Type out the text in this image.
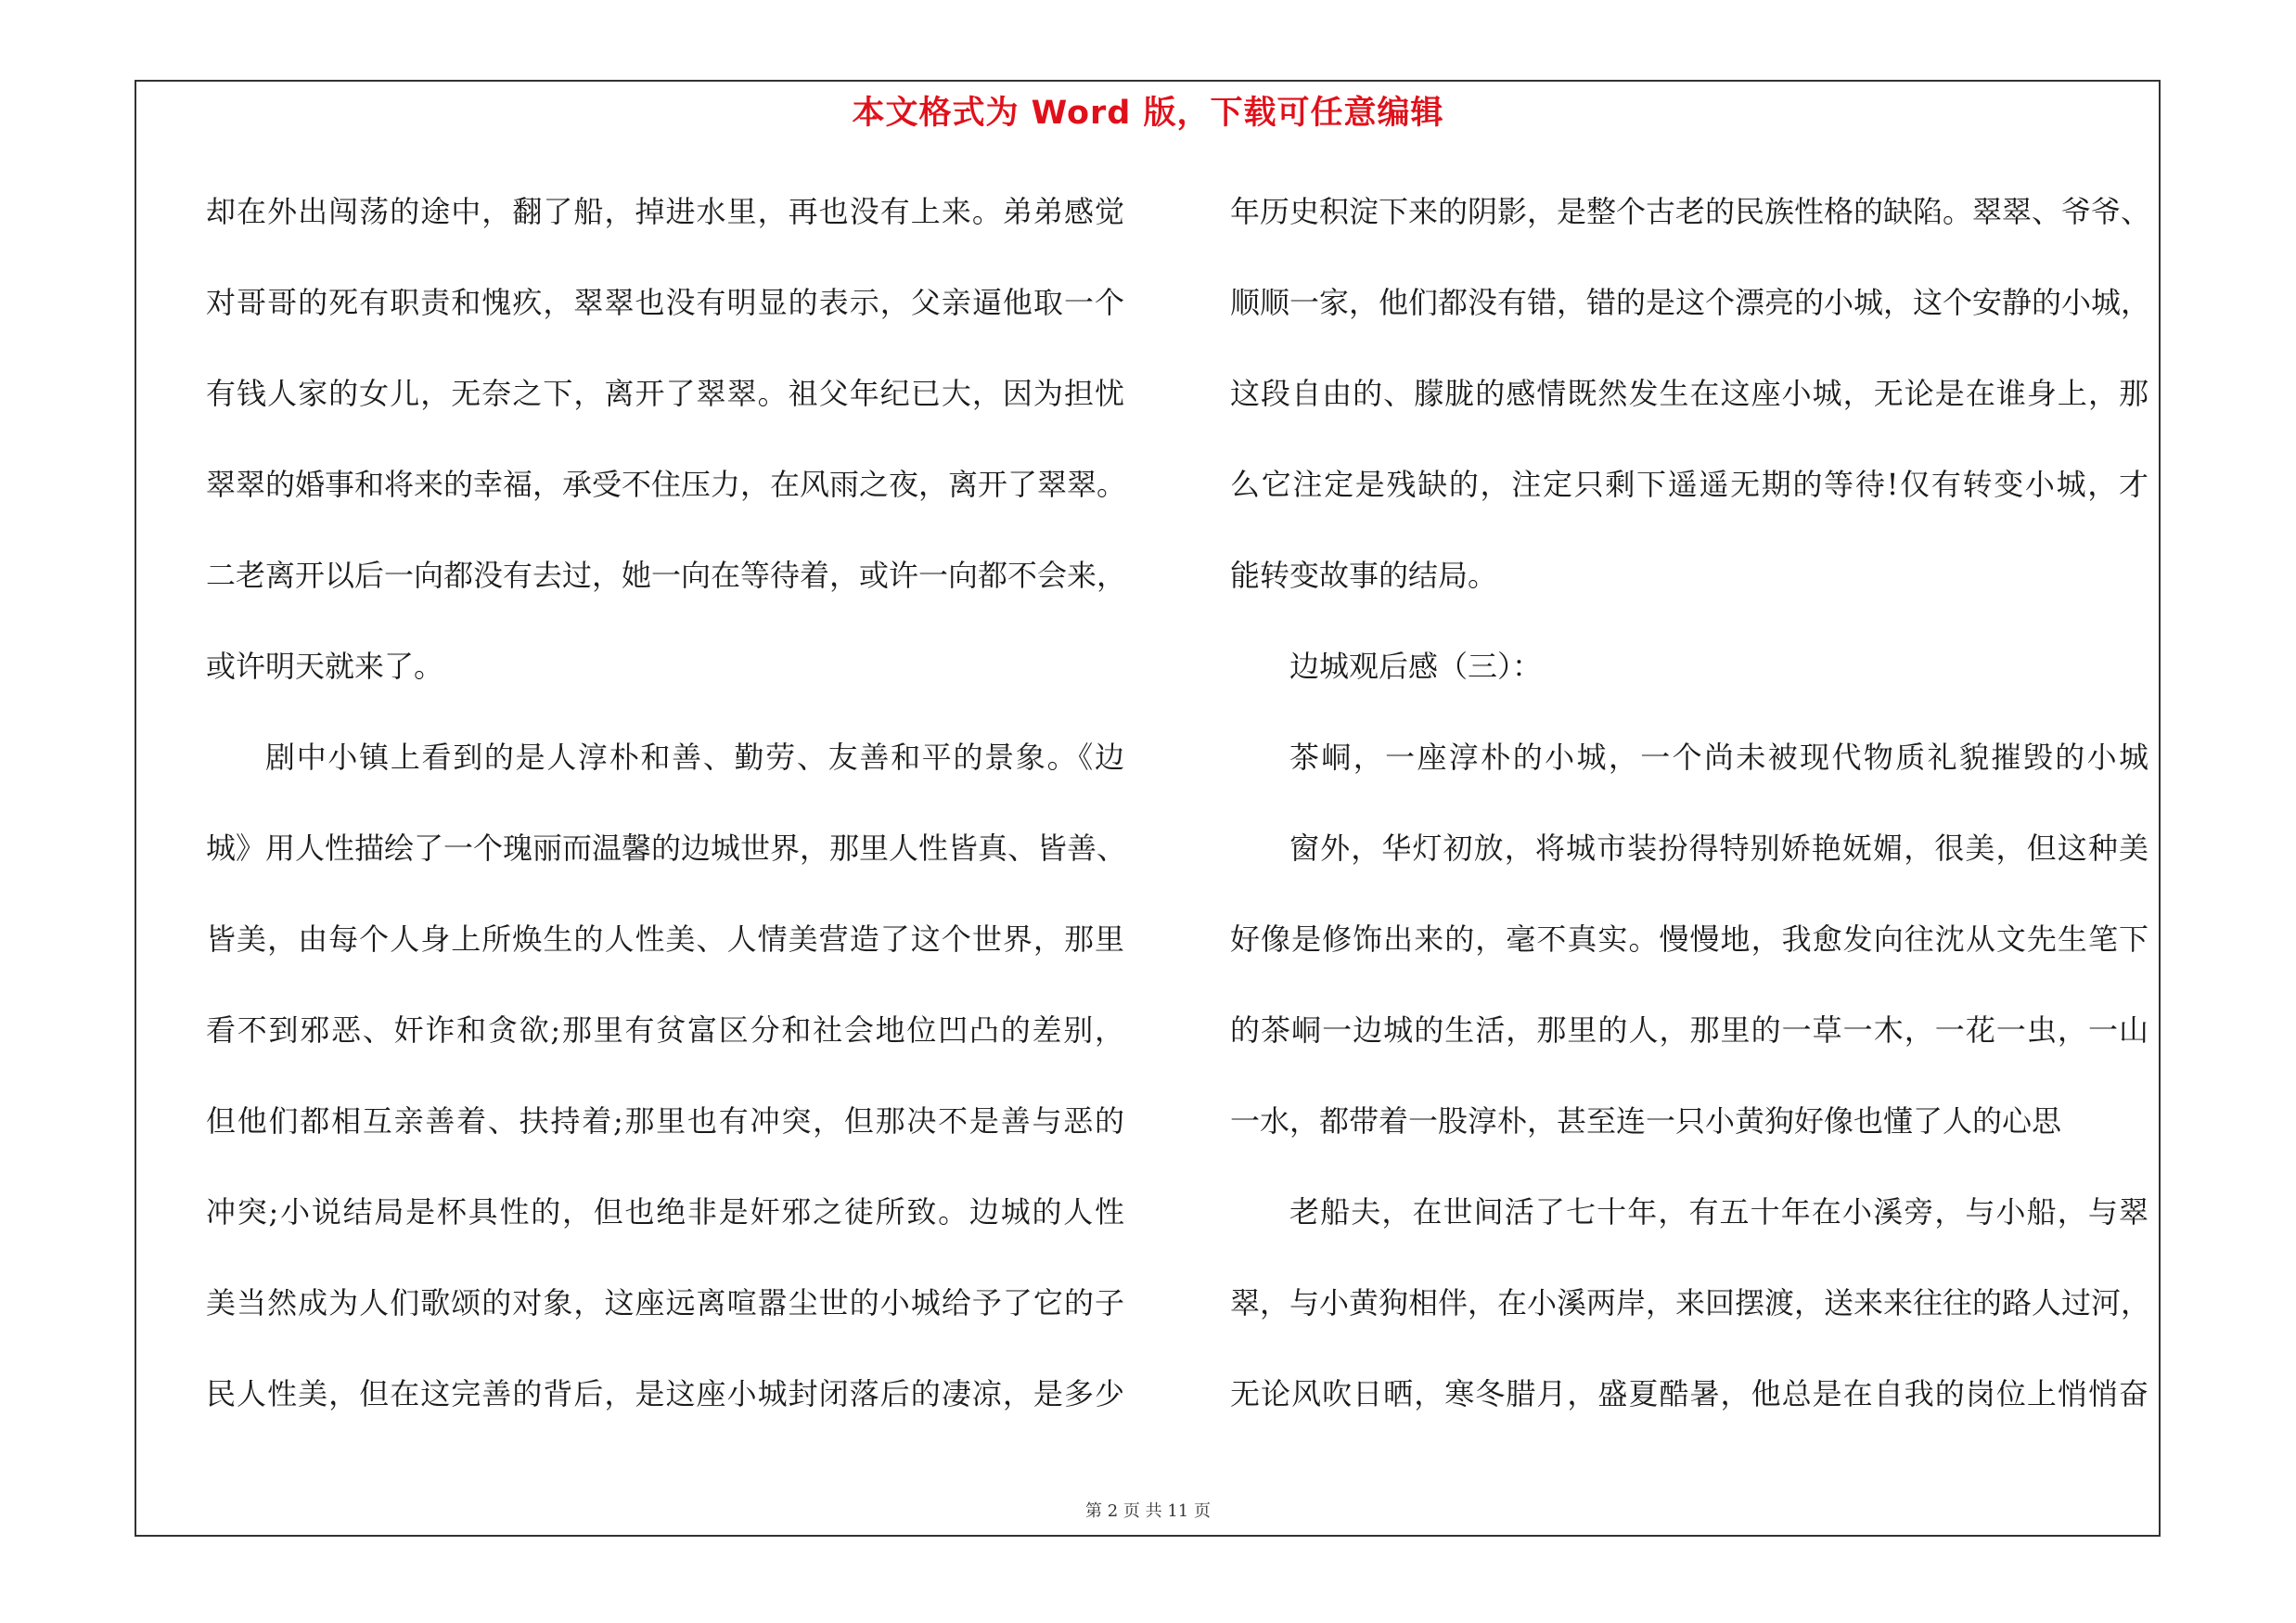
本文格式为 Word 版，下载可任意编辑
却在外出闯荡的途中，翻了船，掉进水里，再也没有上来。弟弟感觉
对哥哥的死有职责和愧疚，翠翠也没有明显的表示，父亲逼他取一个
有钱人家的女儿，无奈之下，离开了翠翠。祖父年纪已大，因为担忧
翠翠的婚事和将来的幸福，承受不住压力，在风雨之夜，离开了翠翠。
二老离开以后一向都没有去过，她一向在等待着，或许一向都不会来，
或许明天就来了。
剧中小镇上看到的是人淳朴和善、勤劳、友善和平的景象。《边
城》用人性描绘了一个瑰丽而温馨的边城世界，那里人性皆真、皆善、
皆美，由每个人身上所焕生的人性美、人情美营造了这个世界，那里
看不到邪恶、奸诈和贪欲;那里有贫富区分和社会地位凹凸的差别，
但他们都相互亲善着、扶持着;那里也有冲突，但那决不是善与恶的
冲突;小说结局是杯具性的，但也绝非是奸邪之徒所致。边城的人性
美当然成为人们歌颂的对象，这座远离喧嚣尘世的小城给予了它的子
民人性美，但在这完善的背后，是这座小城封闭落后的凄凉，是多少
年历史积淀下来的阴影，是整个古老的民族性格的缺陷。翠翠、爷爷、
顺顺一家，他们都没有错，错的是这个漂亮的小城，这个安静的小城，
这段自由的、朦胧的感情既然发生在这座小城，无论是在谁身上，那
么它注定是残缺的，注定只剩下遥遥无期的等待!仅有转变小城，才
能转变故事的结局。
边城观后感（三）：
茶峒，一座淳朴的小城，一个尚未被现代物质礼貌摧毁的小城
窗外，华灯初放，将城市装扮得特别娇艳妩媚，很美，但这种美
好像是修饰出来的，毫不真实。慢慢地，我愈发向往沈从文先生笔下
的茶峒一边城的生活，那里的人，那里的一草一木，一花一虫，一山
一水，都带着一股淳朴，甚至连一只小黄狗好像也懂了人的心思
老船夫，在世间活了七十年，有五十年在小溪旁，与小船，与翠
翠，与小黄狗相伴，在小溪两岸，来回摆渡，送来来往往的路人过河，
无论风吹日晒，寒冬腊月，盛夏酷暑，他总是在自我的岗位上悄悄奋
第 2 页 共 11 页
